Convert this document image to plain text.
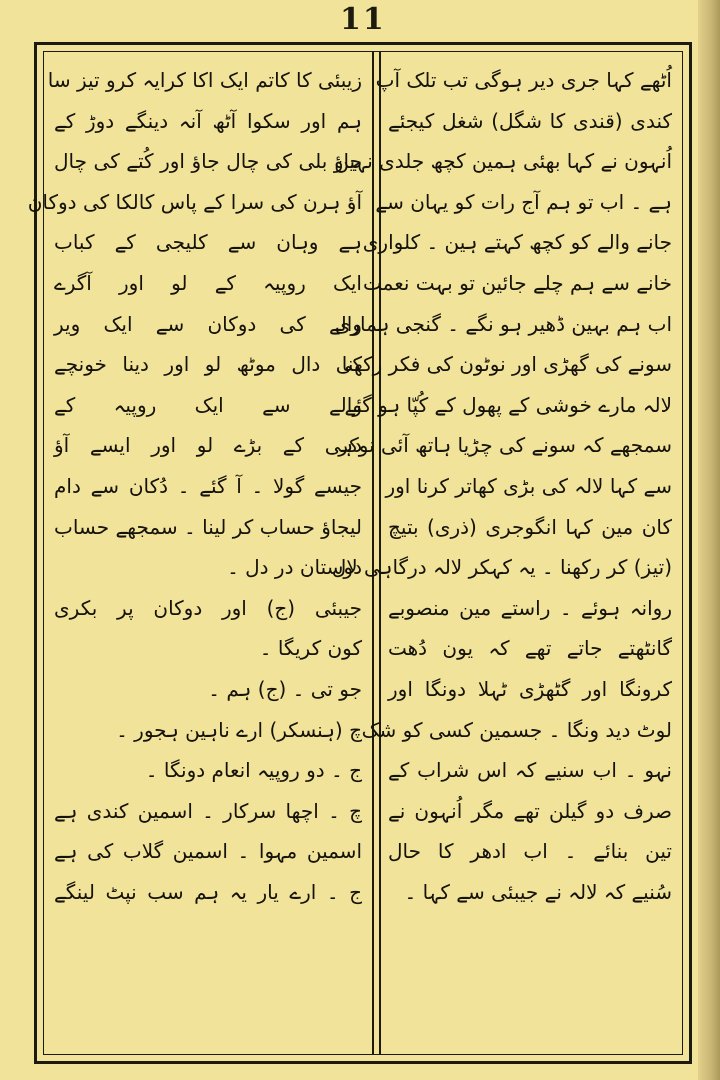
11
اُٹھے کہا جری دیر ہوگی تب تلک آپ
کندی (قندی کا شگل) شغل کیجئے
اُنہون نے کہا بھئی ہمین کچھ جلدی نہین
ہے ۔ اب تو ہم آج رات کو یہان سے
جانے والے کو کچھ کہتے ہین ۔ کلواری
خانے سے ہم چلے جائین تو بہت نعمت
اب ہم بہین ڈھیر ہو نگے ۔ گنجی ہماری
سونے کی گھڑی اور نوٹون کی فکر رکھنا
لالہ مارے خوشی کے پھول کے کُپّا ہو گئے
سمجھے کہ سونے کی چڑیا ہاتھ آئی نوکر
سے کہا لالہ کی بڑی کھاتر کرنا اور
کان مین کہا انگوجری (ذری) بتیچ
(تیز) کر رکھنا ۔ یہ کہکر لالہ درگاہی لال
روانہ ہوئے ۔ راستے مین منصوبے
گانٹھتے جاتے تھے کہ یون دُھت
کرونگا اور گٹھڑی ٹہلا دونگا اور
لوٹ دید ونگا ۔ جسمین کسی کو شک
نہو ۔ اب سنیے کہ اس شراب کے
صرف دو گیلن تھے مگر اُنہون نے
تین بنائے ۔ اب ادھر کا حال
سُنیے کہ لالہ نے جیبئی سے کہا ۔
زیبئی کا کاتم ایک اکا کرایہ کرو تیز سا
ہم اور سکوا آٹھ آنہ دینگے دوڑ کے
جاؤ بلی کی چال جاؤ اور کُتے کی چال
آؤ ہرن کی سرا کے پاس کالکا کی دوکان
ہے وہان سے کلیجی کے کباب
ایک روپیہ کے لو اور آگرے
والے کی دوکان سے ایک ویر
کی دال موٹھ لو اور دینا خونچے
والے سے ایک روپیہ کے
دہی کے بڑے لو اور ایسے آؤ
جیسے گولا ۔ آ گئے ۔ دُکان سے دام
لیجاؤ حساب کر لینا ۔ سمجھے حساب
دوستان در دل ۔
جیبئی (ج) اور دوکان پر بکری
کون کریگا ۔
جو تی ۔ (ج) ہم ۔
چ (ہنسکر) ارے ناہین ہجور ۔
ج ۔ دو روپیہ انعام دونگا ۔
چ ۔ اچھا سرکار ۔ اسمین کندی ہے
اسمین مہوا ۔ اسمین گلاب کی ہے
ج ۔ ارے یار یہ ہم سب نپٹ لینگے
